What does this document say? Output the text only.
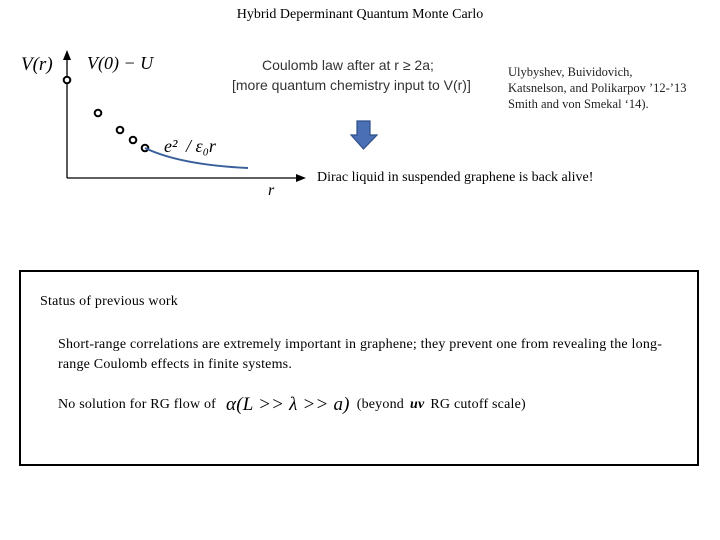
Hybrid Deperminant Quantum Monte Carlo
V(r) V(0) − U	Coulomb law after at r ≥ 2a;
[more quantum chemistry input to V(r)]
e² / ε₀r
r
Ulybyshev, Buividovich,
Katsnelson, and Polikarpov ’12-’13
Smith and von Smekal ‘14).
Dirac liquid in suspended graphene is back alive!
Status of previous work
Short-range correlations are extremely important in graphene; they prevent one from revealing the long-range Coulomb effects in finite systems.
No solution for RG flow of α(L >> λ >> a) (beyond uv RG cutoff scale)
